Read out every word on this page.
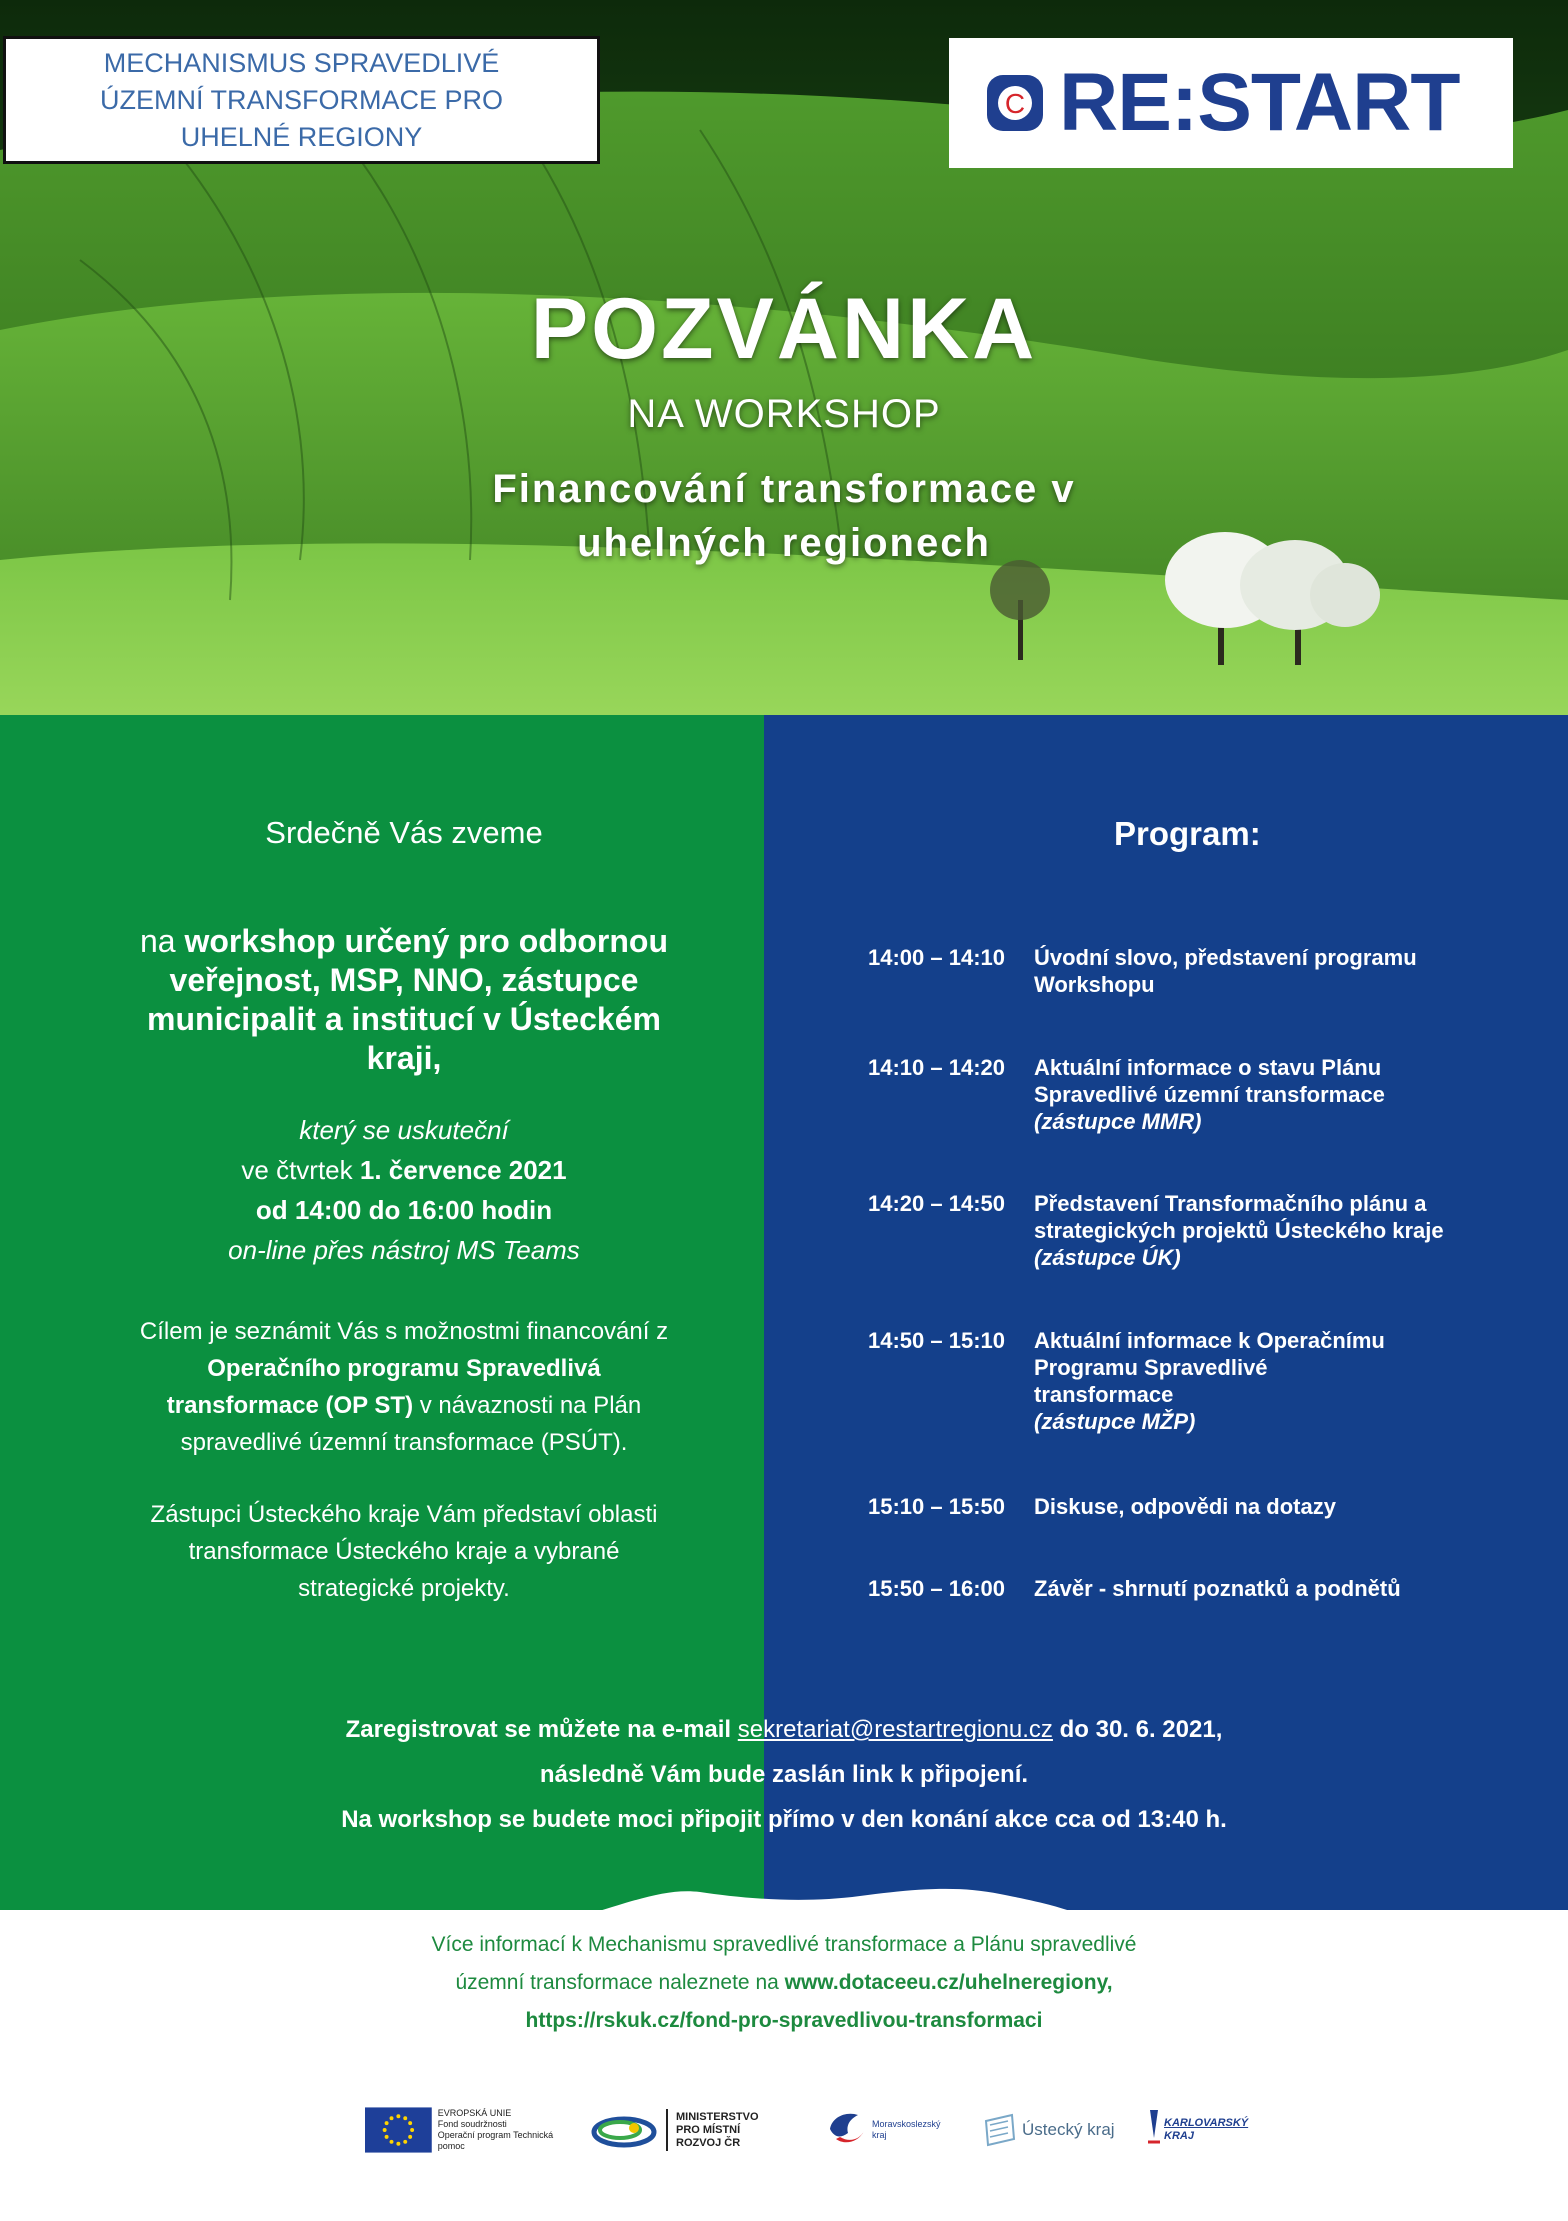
MECHANISMUS SPRAVEDLIVÉ
ÚZEMNÍ TRANSFORMACE PRO
UHELNÉ REGIONY
C RE:START
POZVÁNKA
NA WORKSHOP
Financování transformace v
uhelných regionech
Srdečně Vás zveme
na workshop určený pro odbornou
veřejnost, MSP, NNO, zástupce
municipalit a institucí v Ústeckém
kraji,
který se uskuteční
ve čtvrtek 1. července 2021
od 14:00 do 16:00 hodin
on-line přes nástroj MS Teams
Cílem je seznámit Vás s možnostmi financování z
Operačního programu Spravedlivá
transformace (OP ST) v návaznosti na Plán
spravedlivé územní transformace (PSÚT).
Zástupci Ústeckého kraje Vám představí oblasti
transformace Ústeckého kraje a vybrané
strategické projekty.
Program:
14:00 – 14:10	Úvodní slovo, představení programu
Workshopu
14:10 – 14:20	Aktuální informace o stavu Plánu
Spravedlivé územní transformace
(zástupce MMR)
14:20 – 14:50	Představení Transformačního plánu a
strategických projektů Ústeckého kraje
(zástupce ÚK)
14:50 – 15:10	Aktuální informace k Operačnímu
Programu Spravedlivé
transformace
(zástupce MŽP)
15:10 – 15:50	Diskuse, odpovědi na dotazy
15:50 – 16:00	Závěr - shrnutí poznatků a podnětů
Zaregistrovat se můžete na e-mail sekretariat@restartregionu.cz do 30. 6. 2021,
následně Vám bude zaslán link k připojení.
Na workshop se budete moci připojit přímo v den konání akce cca od 13:40 h.
Více informací k Mechanismu spravedlivé transformace a Plánu spravedlivé
územní transformace naleznete na www.dotaceeu.cz/uhelneregiony,
https://rskuk.cz/fond-pro-spravedlivou-transformaci
EVROPSKÁ UNIE
Fond soudržnosti
Operační program Technická pomoc
MINISTERSTVO
PRO MÍSTNÍ
ROZVOJ ČR
Moravskoslezský
kraj	Ústecký kraj	KARLOVARSKÝ
KRAJ
